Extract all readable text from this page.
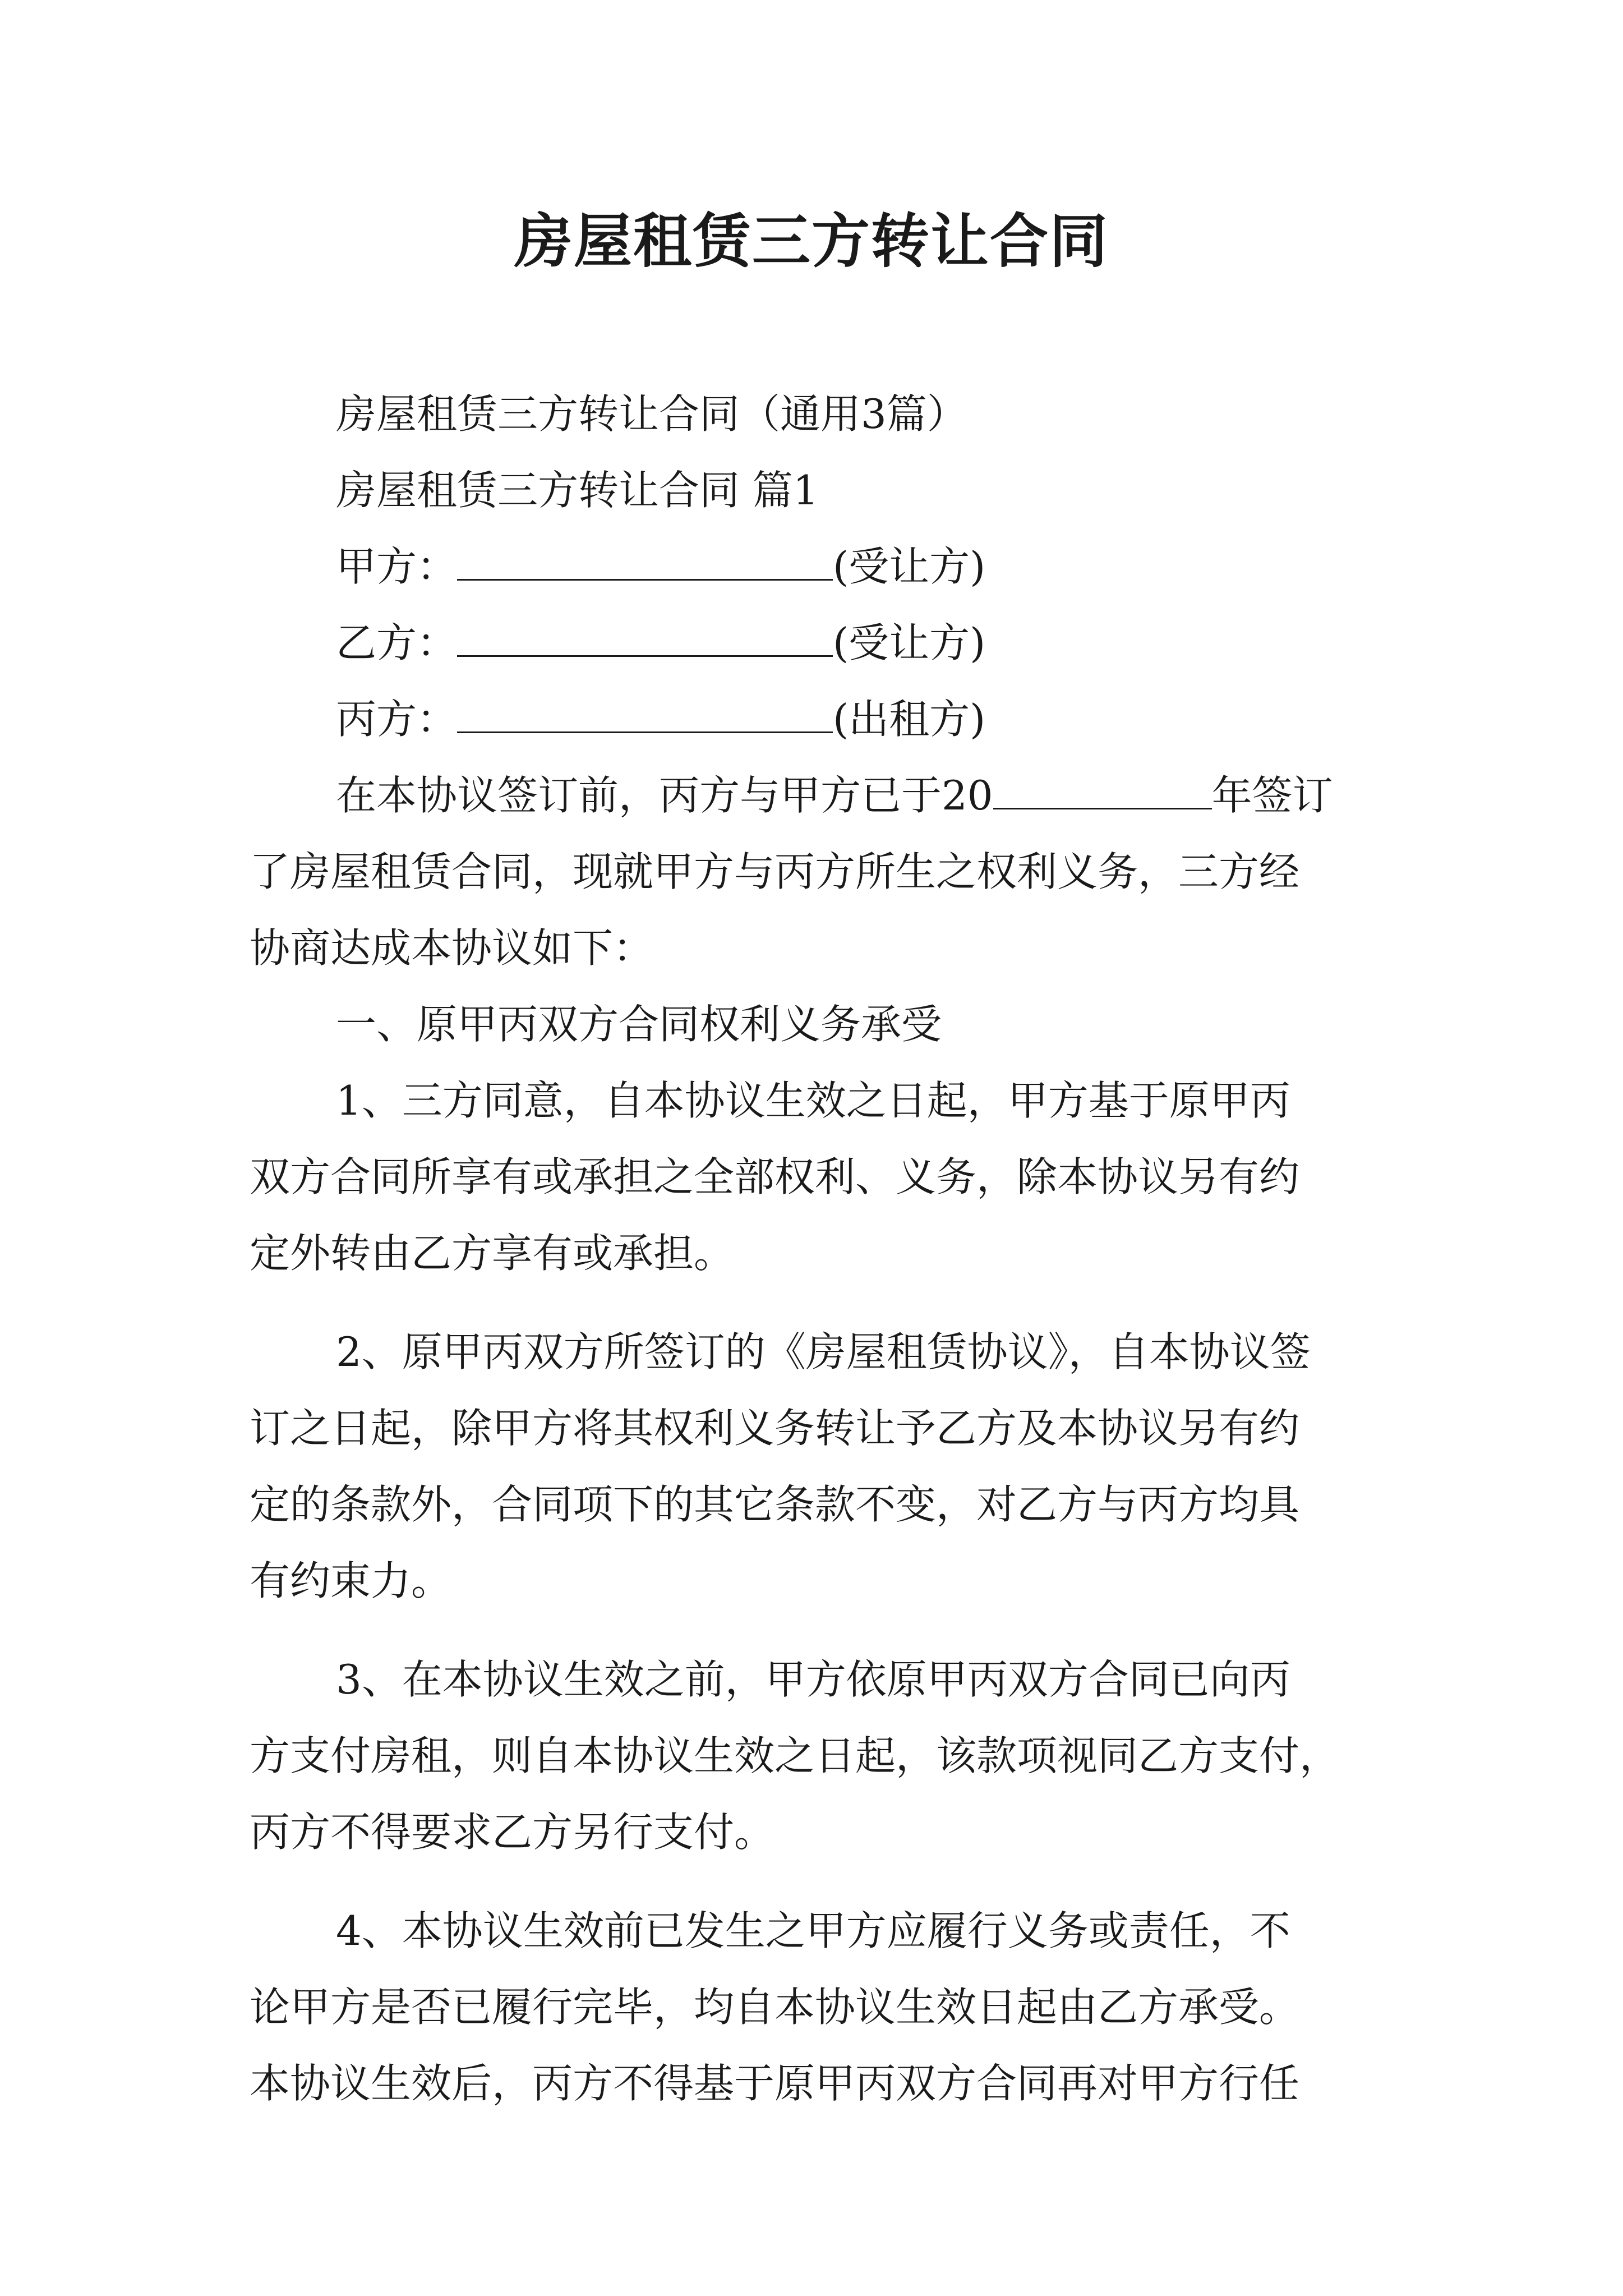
房屋租赁三方转让合同

房屋租赁三方转让合同（通用3篇）

房屋租赁三方转让合同 篇1

甲方：	(受让方)

乙方：	(受让方)

丙方：	(出租方)

在本协议签订前，丙方与甲方已于20	年签订

了房屋租赁合同，现就甲方与丙方所生之权利义务，三方经

协商达成本协议如下：

一、原甲丙双方合同权利义务承受

1、三方同意，自本协议生效之日起，甲方基于原甲丙

双方合同所享有或承担之全部权利、义务，除本协议另有约

定外转由乙方享有或承担。

2、原甲丙双方所签订的《房屋租赁协议》，自本协议签

订之日起，除甲方将其权利义务转让予乙方及本协议另有约

定的条款外，合同项下的其它条款不变，对乙方与丙方均具

有约束力。

3、在本协议生效之前，甲方依原甲丙双方合同已向丙

方支付房租，则自本协议生效之日起，该款项视同乙方支付，

丙方不得要求乙方另行支付。

4、本协议生效前已发生之甲方应履行义务或责任，不

论甲方是否已履行完毕，均自本协议生效日起由乙方承受。

本协议生效后，丙方不得基于原甲丙双方合同再对甲方行任
